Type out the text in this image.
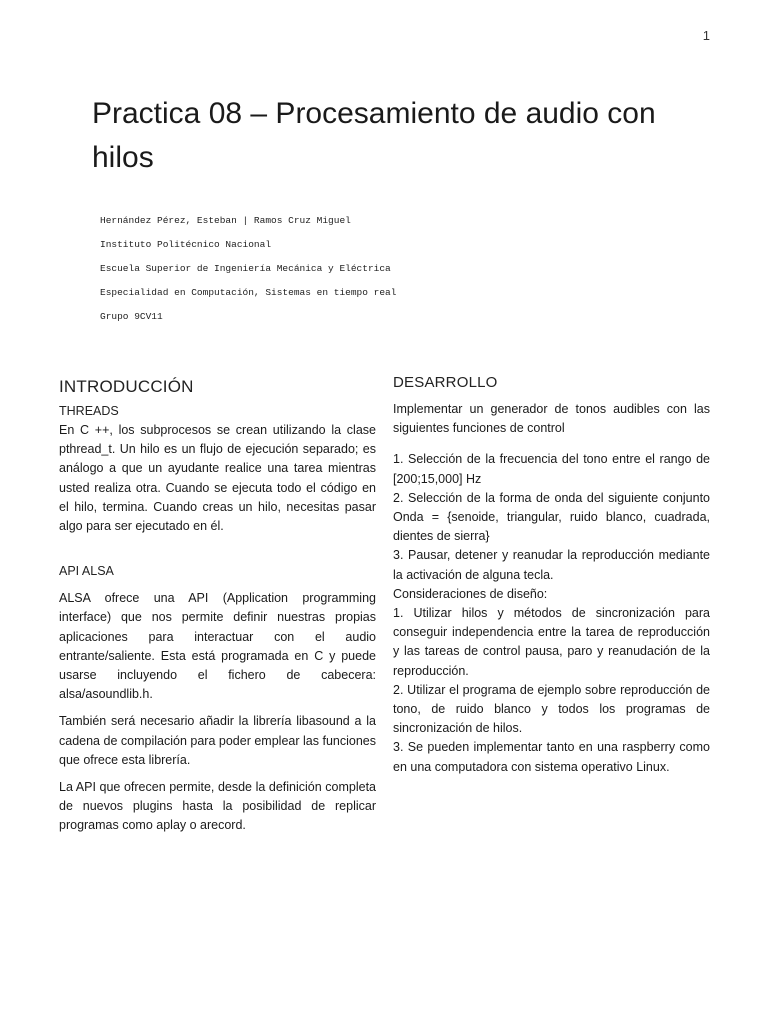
1
Practica 08 – Procesamiento de audio con hilos
Hernández Pérez, Esteban | Ramos Cruz Miguel
Instituto Politécnico Nacional
Escuela Superior de Ingeniería Mecánica y Eléctrica
Especialidad en Computación, Sistemas en tiempo real
Grupo 9CV11
INTRODUCCIÓN
THREADS

En C ++, los subprocesos se crean utilizando la clase pthread_t. Un hilo es un flujo de ejecución separado; es análogo a que un ayudante realice una tarea mientras usted realiza otra. Cuando se ejecuta todo el código en el hilo, termina. Cuando creas un hilo, necesitas pasar algo para ser ejecutado en él.

API ALSA

ALSA ofrece una API (Application programming interface) que nos permite definir nuestras propias aplicaciones para interactuar con el audio entrante/saliente. Esta está programada en C y puede usarse incluyendo el fichero de cabecera: alsa/asoundlib.h.

También será necesario añadir la librería libasound a la cadena de compilación para poder emplear las funciones que ofrece esta librería.

La API que ofrecen permite, desde la definición completa de nuevos plugins hasta la posibilidad de replicar programas como aplay o arecord.

DESARROLLO

Implementar un generador de tonos audibles con las siguientes funciones de control

1. Selección de la frecuencia del tono entre el rango de [200;15,000] Hz

2. Selección de la forma de onda del siguiente conjunto Onda = {senoide, triangular, ruido blanco, cuadrada, dientes de sierra}

3. Pausar, detener y reanudar la reproducción mediante la activación de alguna tecla.

Consideraciones de diseño:

1. Utilizar hilos y métodos de sincronización para conseguir independencia entre la tarea de reproducción y las tareas de control pausa, paro y reanudación de la reproducción.

2. Utilizar el programa de ejemplo sobre reproducción de tono, de ruido blanco y todos los programas de sincronización de hilos.

3. Se pueden implementar tanto en una raspberry como en una computadora con sistema operativo Linux.
